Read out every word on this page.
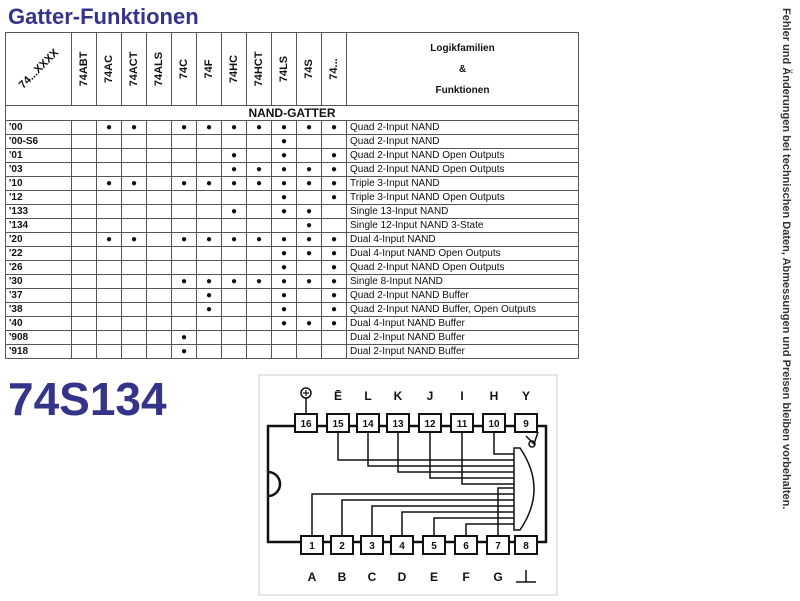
Gatter-Funktionen	Fehler und Änderungen bei technischen Daten, Abmessungen und Preisen bleiben vorbehalten.
74...XXXX	74ABT	74AC	74ACT	74ALS	74C	74F	74HC	74HCT	74LS	74S	74...	Logikfamilien
&
Funktionen

NAND-GATTER												
'00		●	●		●	●	●	●	●	●	●	Quad 2-Input NAND
'00-S6									●			Quad 2-Input NAND
'01							●		●		●	Quad 2-Input NAND Open Outputs
'03							●	●	●	●	●	Quad 2-Input NAND Open Outputs
'10		●	●		●	●	●	●	●	●	●	Triple 3-Input NAND
'12									●		●	Triple 3-Input NAND Open Outputs
'133							●		●	●		Single 13-Input NAND
'134										●		Single 12-Input NAND 3-State
'20		●	●		●	●	●	●	●	●	●	Dual 4-Input NAND
'22									●	●	●	Dual 4-Input NAND Open Outputs
'26									●		●	Quad 2-Input NAND Open Outputs
'30					●	●	●	●	●	●	●	Single 8-Input NAND
'37						●			●		●	Quad 2-Input NAND Buffer
'38						●			●		●	Quad 2-Input NAND Buffer, Open Outputs
'40									●	●	●	Dual 4-Input NAND Buffer
'908					●							Dual 2-Input NAND Buffer
'918					●							Dual 2-Input NAND Buffer
74S134	16 15 14 13 12 11 10 9
Ē L K J I H Y
1 2 3 4	5	6	7 8
A B C D E F G
